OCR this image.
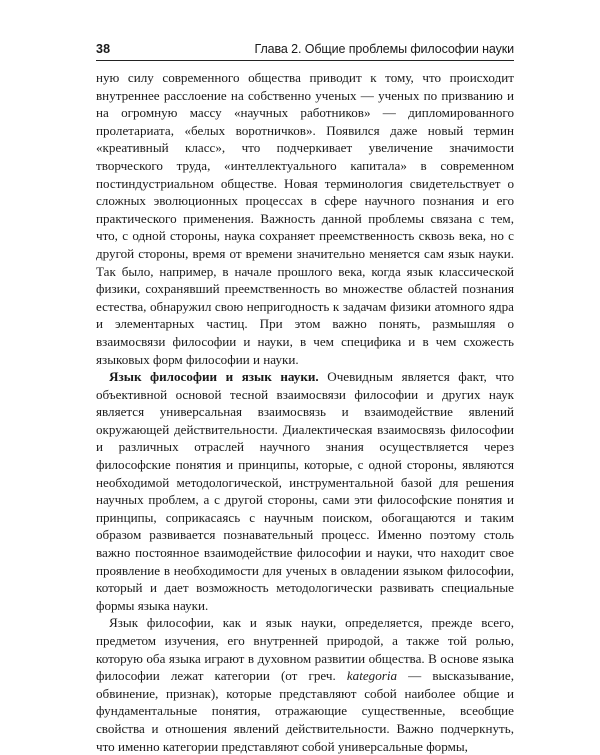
38	Глава 2. Общие проблемы философии науки

ную силу современного общества приводит к тому, что происходит внутреннее расслоение на собственно ученых — ученых по призванию и на огромную массу «научных работников» — дипломированного пролетариата, «белых воротничков». Появился даже новый термин «креативный класс», что подчеркивает увеличение значимости творческого труда, «интеллектуального капитала» в современном постиндустриальном обществе. Новая терминология свидетельствует о сложных эволюционных процессах в сфере научного познания и его практического применения. Важность данной проблемы связана с тем, что, с одной стороны, наука сохраняет преемственность сквозь века, но с другой стороны, время от времени значительно меняется сам язык науки. Так было, например, в начале прошлого века, когда язык классической физики, сохранявший преемственность во множестве областей познания естества, обнаружил свою непригодность к задачам физики атомного ядра и элементарных частиц. При этом важно понять, размышляя о взаимосвязи философии и науки, в чем специфика и в чем схожесть языковых форм философии и науки.

Язык философии и язык науки. Очевидным является факт, что объективной основой тесной взаимосвязи философии и других наук является универсальная взаимосвязь и взаимодействие явлений окружающей действительности. Диалектическая взаимосвязь философии и различных отраслей научного знания осуществляется через философские понятия и принципы, которые, с одной стороны, являются необходимой методологической, инструментальной базой для решения научных проблем, а с другой стороны, сами эти философские понятия и принципы, соприкасаясь с научным поиском, обогащаются и таким образом развивается познавательный процесс. Именно поэтому столь важно постоянное взаимодействие философии и науки, что находит свое проявление в необходимости для ученых в овладении языком философии, который и дает возможность методологически развивать специальные формы языка науки.

Язык философии, как и язык науки, определяется, прежде всего, предметом изучения, его внутренней природой, а также той ролью, которую оба языка играют в духовном развитии общества. В основе языка философии лежат категории (от греч. kategoria — высказывание, обвинение, признак), которые представляют собой наиболее общие и фундаментальные понятия, отражающие существенные, всеобщие свойства и отношения явлений действительности. Важно подчеркнуть, что именно категории представляют собой универсальные формы,
